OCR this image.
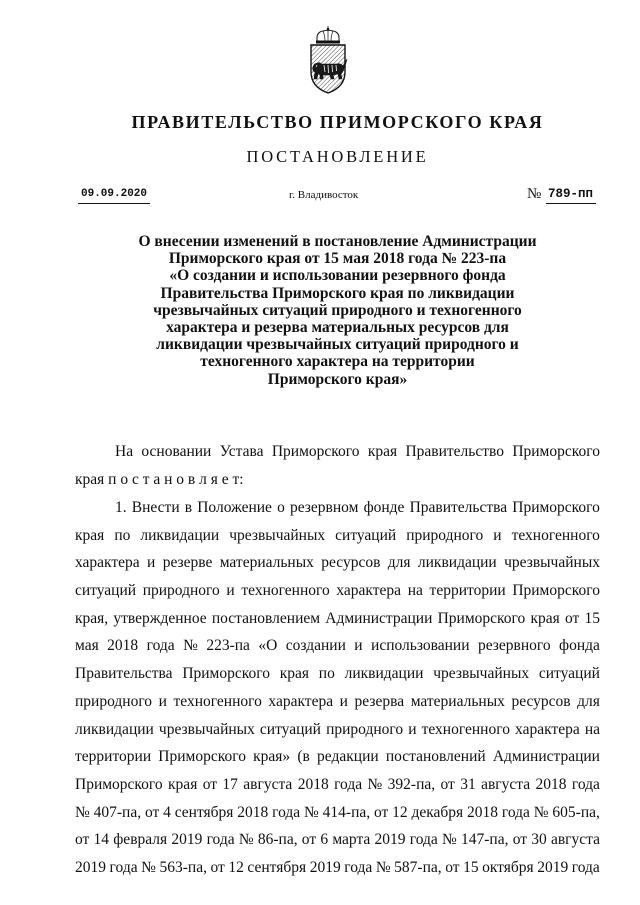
ПРАВИТЕЛЬСТВО ПРИМОРСКОГО КРАЯ
ПОСТАНОВЛЕНИЕ
09.09.2020	г. Владивосток	№ 789-пп
О внесении изменений в постановление Администрации
Приморского края от 15 мая 2018 года № 223-па
«О создании и использовании резервного фонда
Правительства Приморского края по ликвидации
чрезвычайных ситуаций природного и техногенного
характера и резерва материальных ресурсов для
ликвидации чрезвычайных ситуаций природного и
техногенного характера на территории
Приморского края»
На основании Устава Приморского края Правительство Приморского
края п о с т а н о в л я е т:
1. Внести в Положение о резервном фонде Правительства Приморского
края по ликвидации чрезвычайных ситуаций природного и техногенного
характера и резерве материальных ресурсов для ликвидации чрезвычайных
ситуаций природного и техногенного характера на территории Приморского
края, утвержденное постановлением Администрации Приморского края от 15
мая 2018 года № 223-па «О создании и использовании резервного фонда
Правительства Приморского края по ликвидации чрезвычайных ситуаций
природного и техногенного характера и резерва материальных ресурсов для
ликвидации чрезвычайных ситуаций природного и техногенного характера на
территории Приморского края» (в редакции постановлений Администрации
Приморского края от 17 августа 2018 года № 392-па, от 31 августа 2018 года
№ 407-па, от 4 сентября 2018 года № 414-па, от 12 декабря 2018 года № 605-па,
от 14 февраля 2019 года № 86-па, от 6 марта 2019 года № 147-па, от 30 августа
2019 года № 563-па, от 12 сентября 2019 года № 587-па, от 15 октября 2019 года
